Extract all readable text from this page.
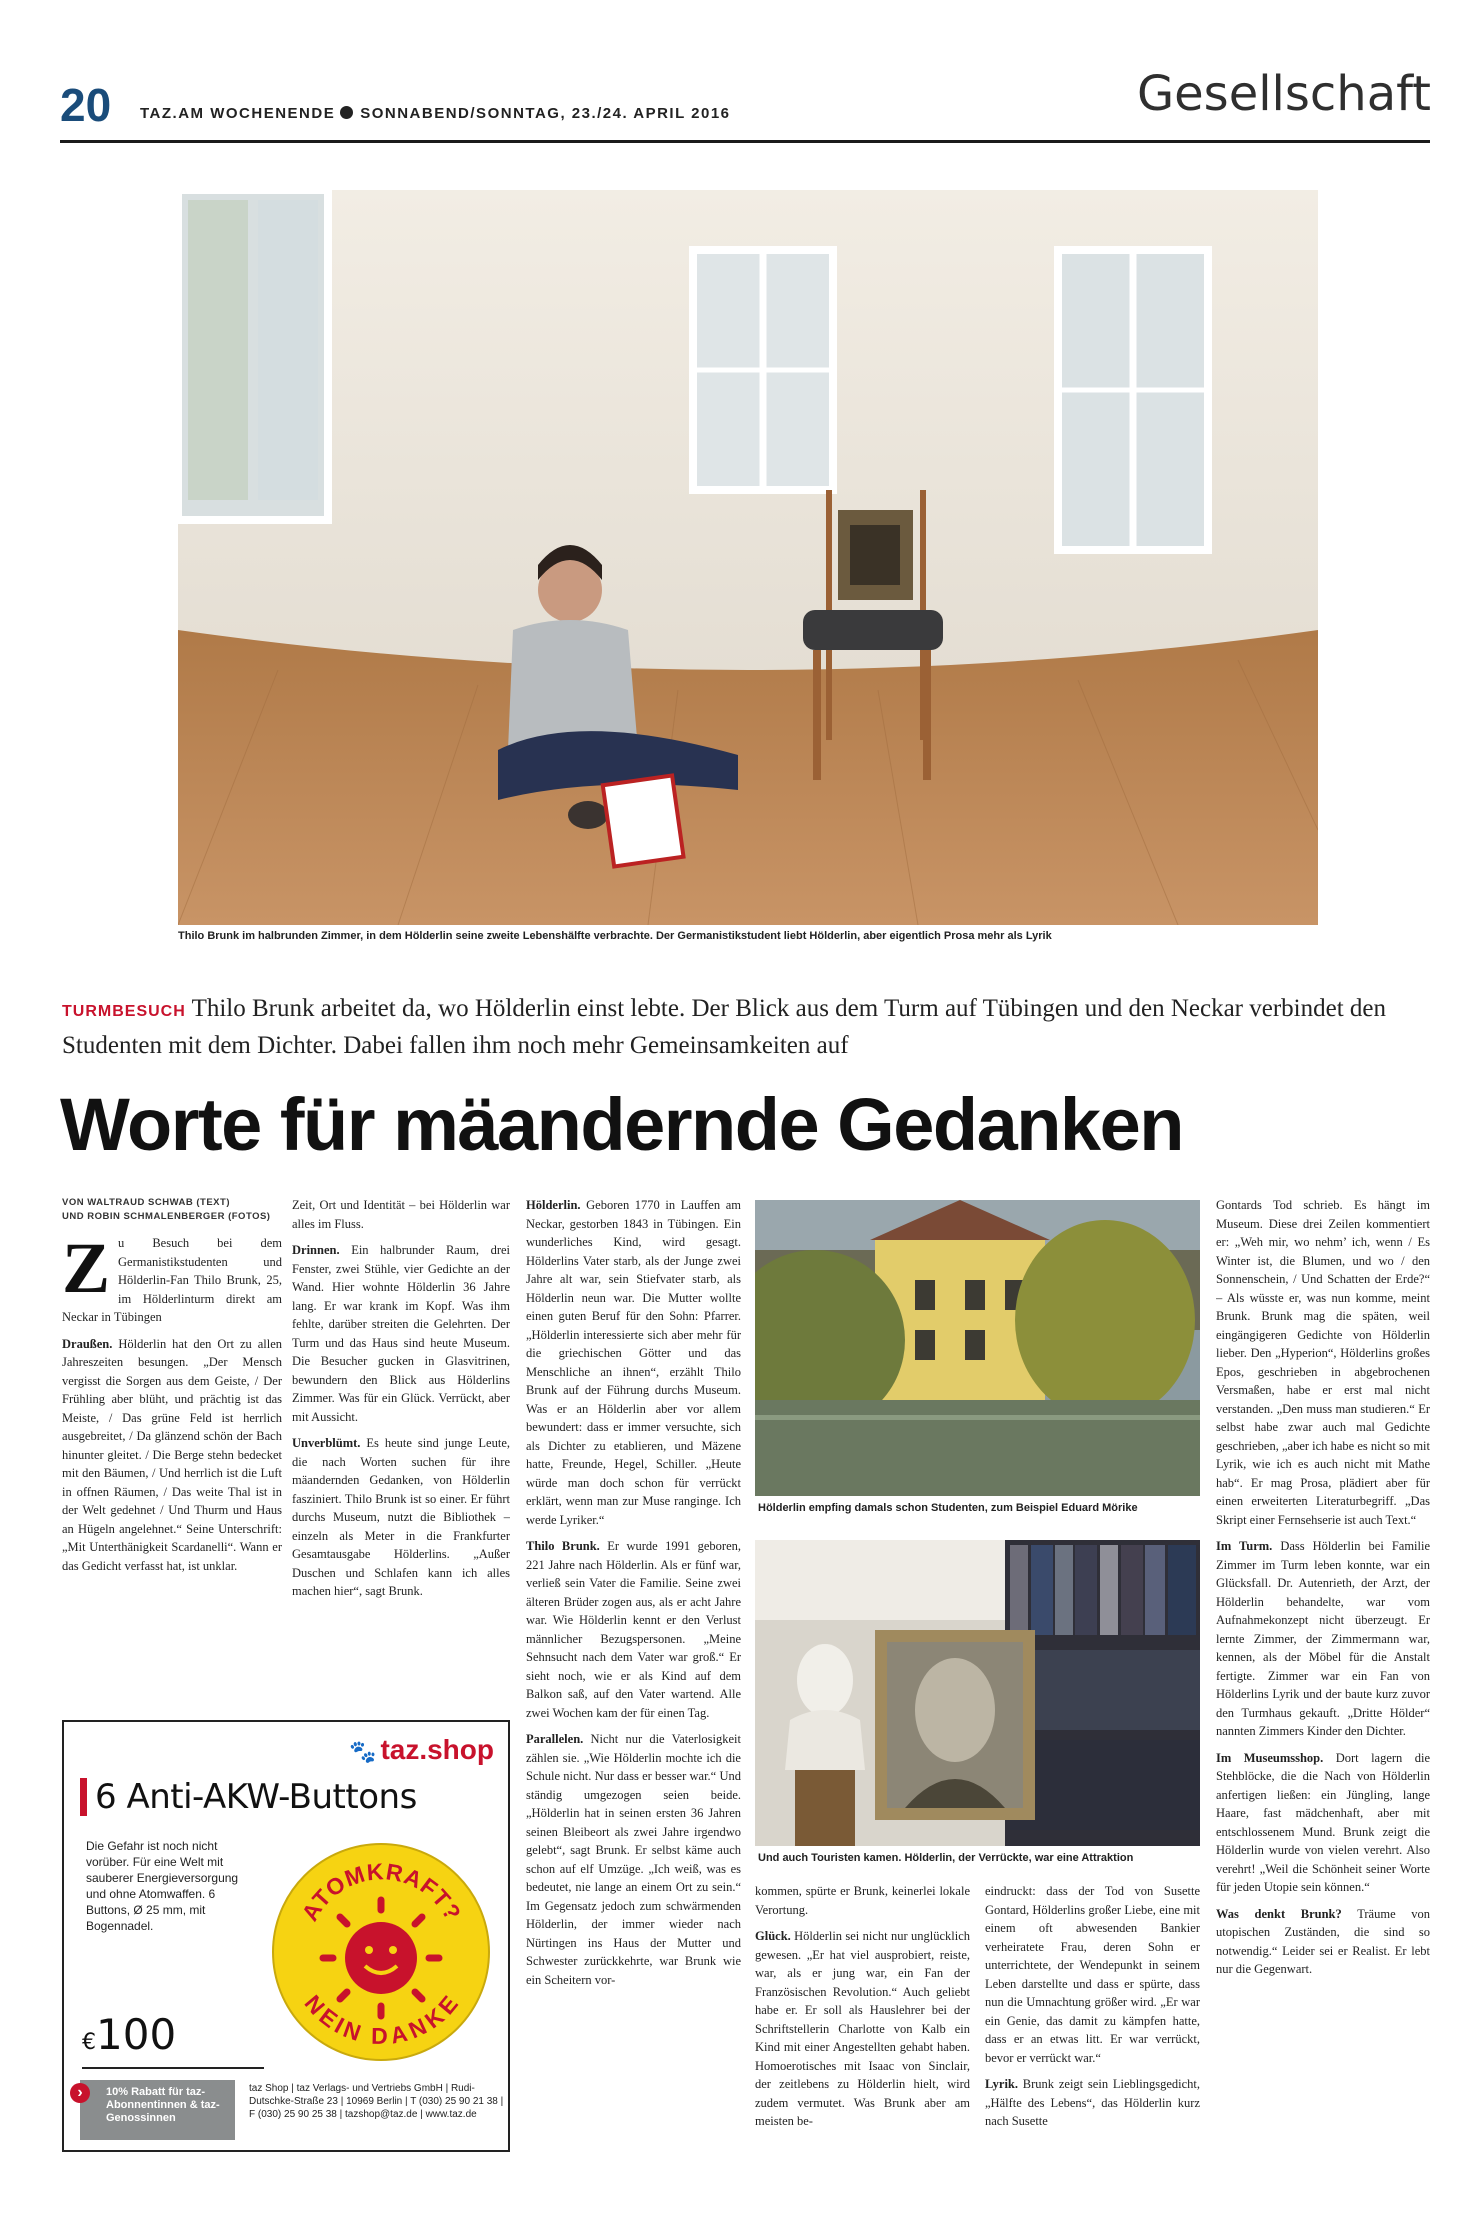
20 TAZ.AM WOCHENENDE SONNABEND/SONNTAG, 23./24. APRIL 2016	Gesellschaft
Thilo Brunk im halbrunden Zimmer, in dem Hölderlin seine zweite Lebenshälfte verbrachte. Der Germanistikstudent liebt Hölderlin, aber eigentlich Prosa mehr als Lyrik
TURMBESUCH Thilo Brunk arbeitet da, wo Hölderlin einst lebte. Der Blick aus dem Turm auf Tübingen und den Neckar verbindet den Studenten mit dem Dichter. Dabei fallen ihm noch mehr Gemeinsamkeiten auf
Worte für mäandernde Gedanken
VON WALTRAUD SCHWAB (TEXT)
UND ROBIN SCHMALENBERGER (FOTOS)

Zu Besuch bei dem Germanistikstudenten und Hölderlin-Fan Thilo Brunk, 25, im Hölderlinturm direkt am Neckar in Tübingen

Draußen. Hölderlin hat den Ort zu allen Jahreszeiten besungen. „Der Mensch vergisst die Sorgen aus dem Geiste, / Der Frühling aber blüht, und prächtig ist das Meiste, / Das grüne Feld ist herrlich ausgebreitet, / Da glänzend schön der Bach hinunter gleitet. / Die Berge stehn bedecket mit den Bäumen, / Und herrlich ist die Luft in offnen Räumen, / Das weite Thal ist in der Welt gedehnet / Und Thurm und Haus an Hügeln angelehnet.“ Seine Unterschrift: „Mit Unterthänigkeit Scardanelli“. Wann er das Gedicht verfasst hat, ist unklar.

Zeit, Ort und Identität – bei Hölderlin war alles im Fluss.

Drinnen. Ein halbrunder Raum, drei Fenster, zwei Stühle, vier Gedichte an der Wand. Hier wohnte Hölderlin 36 Jahre lang. Er war krank im Kopf. Was ihm fehlte, darüber streiten die Gelehrten. Der Turm und das Haus sind heute Museum. Die Besucher gucken in Glasvitrinen, bewundern den Blick aus Hölderlins Zimmer. Was für ein Glück. Verrückt, aber mit Aussicht.

Unverblümt. Es heute sind junge Leute, die nach Worten suchen für ihre mäandernden Gedanken, von Hölderlin fasziniert. Thilo Brunk ist so einer. Er führt durchs Museum, nutzt die Bibliothek – einzeln als Meter in die Frankfurter Gesamtausgabe Hölderlins. „Außer Duschen und Schlafen kann ich alles machen hier“, sagt Brunk.

Hölderlin. Geboren 1770 in Lauffen am Neckar, gestorben 1843 in Tübingen. Ein wunderliches Kind, wird gesagt. Hölderlins Vater starb, als der Junge zwei Jahre alt war, sein Stiefvater starb, als Hölderlin neun war. Die Mutter wollte einen guten Beruf für den Sohn: Pfarrer. „Hölderlin interessierte sich aber mehr für die griechischen Götter und das Menschliche an ihnen“, erzählt Thilo Brunk auf der Führung durchs Museum. Was er an Hölderlin aber vor allem bewundert: dass er immer versuchte, sich als Dichter zu etablieren, und Mäzene hatte, Freunde, Hegel, Schiller. „Heute würde man doch schon für verrückt erklärt, wenn man zur Muse ranginge. Ich werde Lyriker.“

Thilo Brunk. Er wurde 1991 geboren, 221 Jahre nach Hölderlin. Als er fünf war, verließ sein Vater die Familie. Seine zwei älteren Brüder zogen aus, als er acht Jahre war. Wie Hölderlin kennt er den Verlust männlicher Bezugspersonen. „Meine Sehnsucht nach dem Vater war groß.“ Er sieht noch, wie er als Kind auf dem Balkon saß, auf den Vater wartend. Alle zwei Wochen kam der für einen Tag.

Parallelen. Nicht nur die Vaterlosigkeit zählen sie. „Wie Hölderlin mochte ich die Schule nicht. Nur dass er besser war.“ Und ständig umgezogen seien beide. „Hölderlin hat in seinen ersten 36 Jahren seinen Bleibeort als zwei Jahre irgendwo gelebt“, sagt Brunk. Er selbst käme auch schon auf elf Umzüge. „Ich weiß, was es bedeutet, nie lange an einem Ort zu sein.“ Im Gegensatz jedoch zum schwärmenden Hölderlin, der immer wieder nach Nürtingen ins Haus der Mutter und Schwester zurückkehrte, war Brunk wie ein Scheitern vor-

Hölderlin empfing damals schon Studenten, zum Beispiel Eduard Mörike
Und auch Touristen kamen. Hölderlin, der Verrückte, war eine Attraktion

kommen, spürte er Brunk, keinerlei lokale Verortung.

Glück. Hölderlin sei nicht nur unglücklich gewesen. „Er hat viel ausprobiert, reiste, war, als er jung war, ein Fan der Französischen Revolution.“ Auch geliebt habe er. Er soll als Hauslehrer bei der Schriftstellerin Charlotte von Kalb ein Kind mit einer Angestellten gehabt haben. Homoerotisches mit Isaac von Sinclair, der zeitlebens zu Hölderlin hielt, wird zudem vermutet. Was Brunk aber am meisten be-

eindruckt: dass der Tod von Susette Gontard, Hölderlins großer Liebe, eine mit einem oft abwesenden Bankier verheiratete Frau, deren Sohn er unterrichtete, der Wendepunkt in seinem Leben darstellte und dass er spürte, dass nun die Umnachtung größer wird. „Er war ein Genie, das damit zu kämpfen hatte, dass er an etwas litt. Er war verrückt, bevor er verrückt war.“

Lyrik. Brunk zeigt sein Lieblingsgedicht, „Hälfte des Lebens“, das Hölderlin kurz nach Susette

Gontards Tod schrieb. Es hängt im Museum. Diese drei Zeilen kommentiert er: „Weh mir, wo nehm’ ich, wenn / Es Winter ist, die Blumen, und wo / den Sonnenschein, / Und Schatten der Erde?“ – Als wüsste er, was nun komme, meint Brunk. Brunk mag die späten, weil eingängigeren Gedichte von Hölderlin lieber. Den „Hyperion“, Hölderlins großes Epos, geschrieben in abgebrochenen Versmaßen, habe er erst mal nicht verstanden. „Den muss man studieren.“ Er selbst habe zwar auch mal Gedichte geschrieben, „aber ich habe es nicht so mit Lyrik, wie ich es auch nicht mit Mathe hab“. Er mag Prosa, plädiert aber für einen erweiterten Literaturbegriff. „Das Skript einer Fernsehserie ist auch Text.“

Im Turm. Dass Hölderlin bei Familie Zimmer im Turm leben konnte, war ein Glücksfall. Dr. Autenrieth, der Arzt, der Hölderlin behandelte, war vom Aufnahmekonzept nicht überzeugt. Er lernte Zimmer, der Zimmermann war, kennen, als der Möbel für die Anstalt fertigte. Zimmer war ein Fan von Hölderlins Lyrik und der baute kurz zuvor den Turmhaus gekauft. „Dritte Hölder“ nannten Zimmers Kinder den Dichter.

Im Museumsshop. Dort lagern die Stehblöcke, die die Nach von Hölderlin anfertigen ließen: ein Jüngling, lange Haare, fast mädchenhaft, aber mit entschlossenem Mund. Brunk zeigt die Hölderlin wurde von vielen verehrt. Also verehrt! „Weil die Schönheit seiner Worte für jeden Utopie sein können.“

Was denkt Brunk? Träume von utopischen Zuständen, die sind so notwendig.“ Leider sei er Realist. Er lebt nur die Gegenwart.

🐾 taz.shop
6 Anti-AKW-Buttons
Die Gefahr ist noch nicht vorüber. Für eine Welt mit sauberer Energieversorgung und ohne Atomwaffen. 6 Buttons, Ø 25 mm, mit Bogennadel.
ATOMKRAFT?
NEIN DANKE
€100
›	10% Rabatt für taz-Abonnentinnen & taz-Genossinnen
taz Shop | taz Verlags- und Vertriebs GmbH | Rudi-Dutschke-Straße 23 | 10969 Berlin | T (030) 25 90 21 38 | F (030) 25 90 25 38 | tazshop@taz.de | www.taz.de
